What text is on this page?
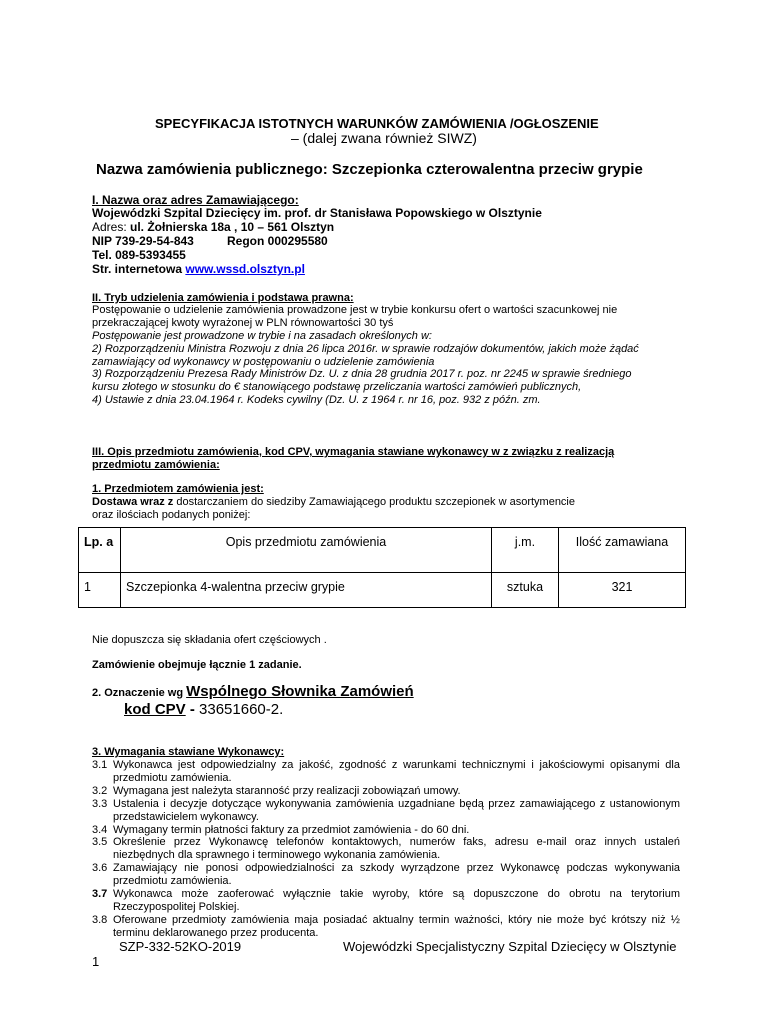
SPECYFIKACJA ISTOTNYCH WARUNKÓW ZAMÓWIENIA /OGŁOSZENIE
– (dalej zwana również SIWZ)
Nazwa zamówienia publicznego: Szczepionka czterowalentna przeciw grypie
I. Nazwa oraz adres Zamawiającego:
Wojewódzki Szpital Dziecięcy im. prof. dr Stanisława Popowskiego w Olsztynie
Adres: ul. Żołnierska 18a , 10 – 561 Olsztyn
NIP 739-29-54-843	Regon 000295580
Tel. 089-5393455
Str. internetowa www.wssd.olsztyn.pl
II. Tryb udzielenia zamówienia i podstawa prawna:
Postępowanie o udzielenie zamówienia prowadzone jest w trybie konkursu ofert o wartości szacunkowej nie
przekraczającej kwoty wyrażonej w PLN równowartości 30 tyś
Postępowanie jest prowadzone w trybie i na zasadach określonych w:
2) Rozporządzeniu Ministra Rozwoju z dnia 26 lipca 2016r. w sprawie rodzajów dokumentów, jakich może żądać
zamawiający od wykonawcy w postępowaniu o udzielenie zamówienia
3) Rozporządzeniu Prezesa Rady Ministrów Dz. U. z dnia 28 grudnia 2017 r. poz. nr 2245 w sprawie średniego
kursu złotego w stosunku do € stanowiącego podstawę przeliczania wartości zamówień publicznych,
4) Ustawie z dnia 23.04.1964 r. Kodeks cywilny (Dz. U. z 1964 r. nr 16, poz. 932 z późn. zm.
III. Opis przedmiotu zamówienia, kod CPV, wymagania stawiane wykonawcy w z związku z realizacją
przedmiotu zamówienia:
1. Przedmiotem zamówienia jest:
Dostawa wraz z dostarczaniem do siedziby Zamawiającego produktu szczepionek w asortymencie
oraz ilościach podanych poniżej:
Lp. a	Opis przedmiotu zamówienia	j.m.	Ilość zamawiana
1	Szczepionka 4-walentna przeciw grypie	sztuka	321
Nie dopuszcza się składania ofert częściowych .
Zamówienie obejmuje łącznie 1 zadanie.
2. Oznaczenie wg Wspólnego Słownika Zamówień
kod CPV - 33651660-2.
3. Wymagania stawiane Wykonawcy:
3.1 Wykonawca jest odpowiedzialny za jakość, zgodność z warunkami technicznymi i jakościowymi opisanymi dla przedmiotu zamówienia.
3.2 Wymagana jest należyta staranność przy realizacji zobowiązań umowy.
3.3 Ustalenia i decyzje dotyczące wykonywania zamówienia uzgadniane będą przez zamawiającego z ustanowionym przedstawicielem wykonawcy.
3.4 Wymagany termin płatności faktury za przedmiot zamówienia - do 60 dni.
3.5 Określenie przez Wykonawcę telefonów kontaktowych, numerów faks, adresu e-mail oraz innych ustaleń niezbędnych dla sprawnego i terminowego wykonania zamówienia.
3.6 Zamawiający nie ponosi odpowiedzialności za szkody wyrządzone przez Wykonawcę podczas wykonywania przedmiotu zamówienia.
3.7 Wykonawca może zaoferować wyłącznie takie wyroby, które są dopuszczone do obrotu na terytorium Rzeczypospolitej Polskiej.
3.8 Oferowane przedmioty zamówienia maja posiadać aktualny termin ważności, który nie może być krótszy niż ½ terminu deklarowanego przez producenta.
SZP-332-52KO-2019	Wojewódzki Specjalistyczny Szpital Dziecięcy w Olsztynie
1
